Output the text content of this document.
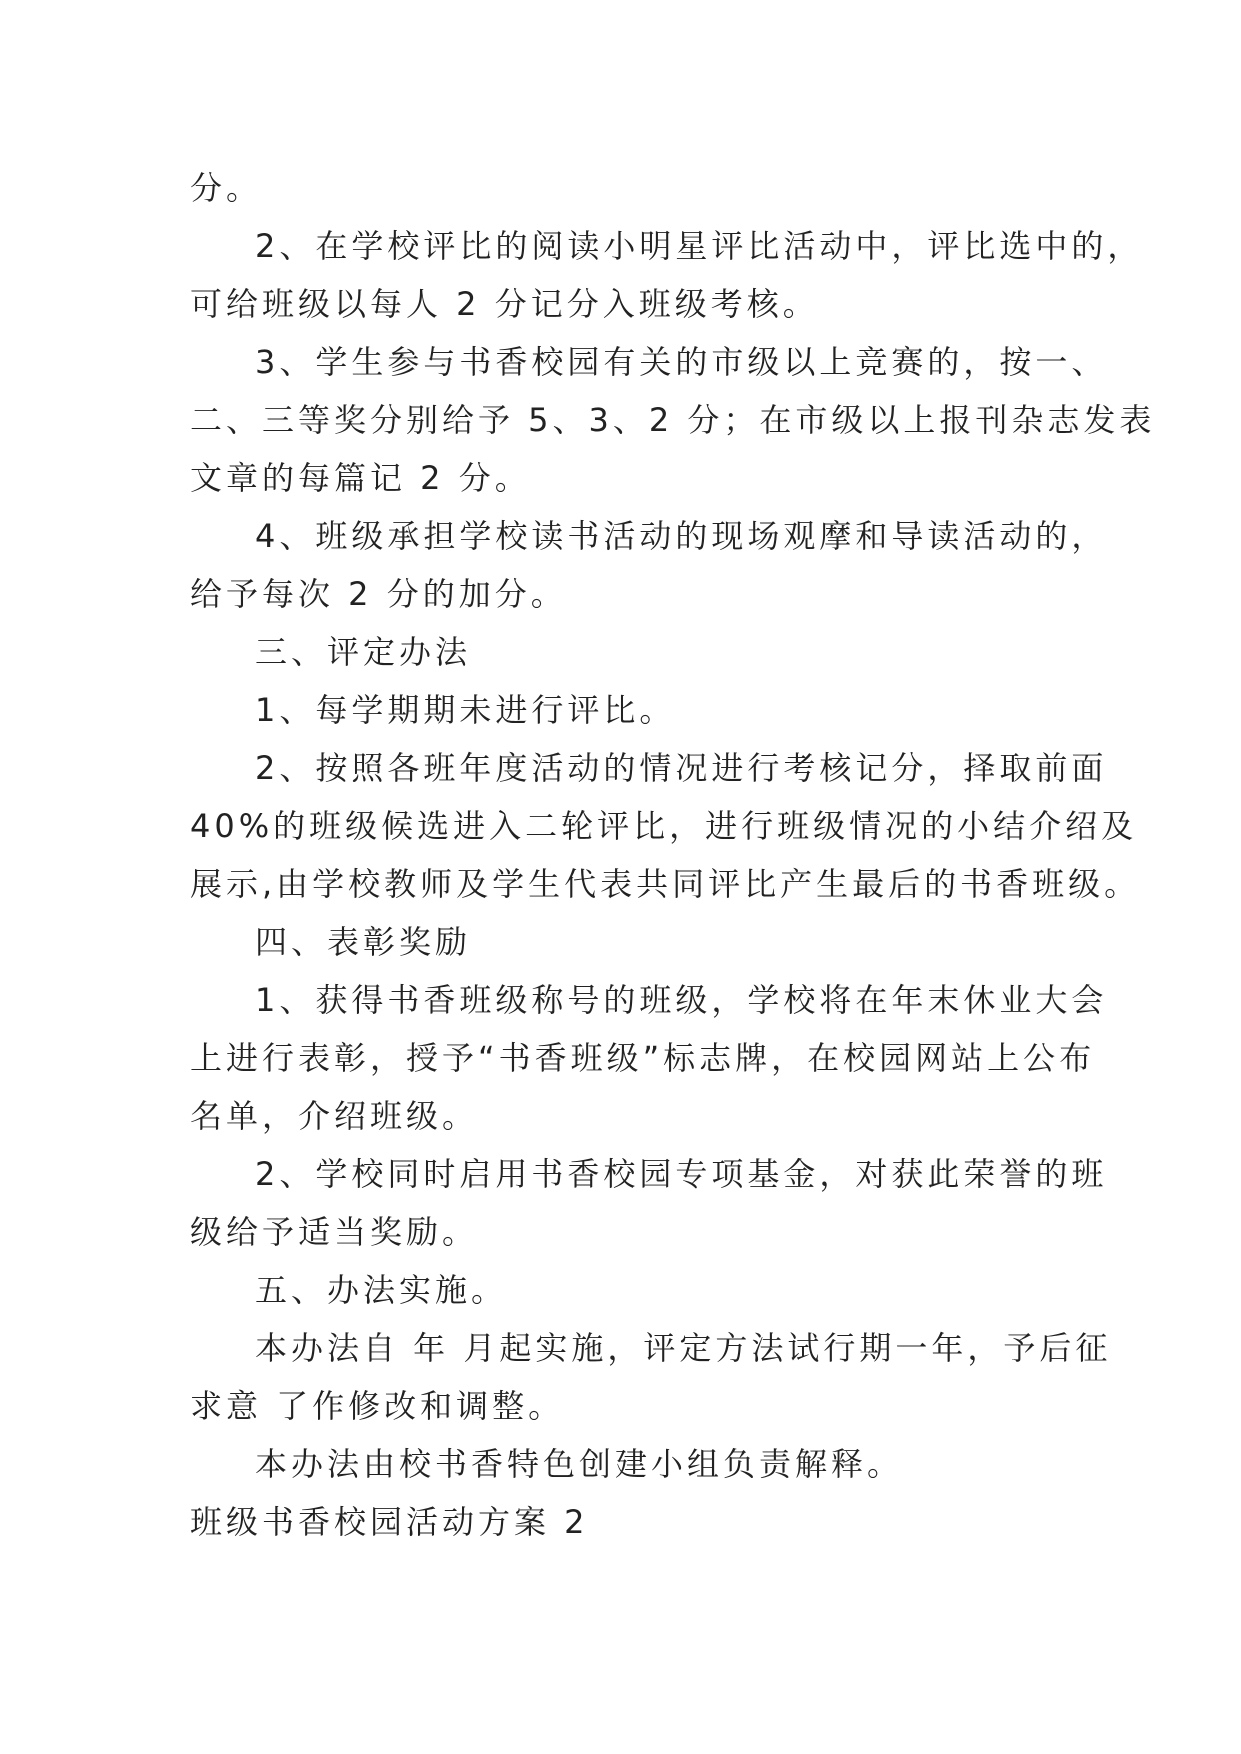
分。

2、在学校评比的阅读小明星评比活动中，评比选中的，

可给班级以每人 2 分记分入班级考核。

3、学生参与书香校园有关的市级以上竞赛的，按一、

二、三等奖分别给予 5、3、2 分；在市级以上报刊杂志发表

文章的每篇记 2 分。

4、班级承担学校读书活动的现场观摩和导读活动的，

给予每次 2 分的加分。

三、评定办法

1、每学期期未进行评比。

2、按照各班年度活动的情况进行考核记分，择取前面

40%的班级候选进入二轮评比，进行班级情况的小结介绍及

展示,由学校教师及学生代表共同评比产生最后的书香班级。

四、表彰奖励

1、获得书香班级称号的班级，学校将在年末休业大会

上进行表彰，授予“书香班级”标志牌，在校园网站上公布

名单，介绍班级。

2、学校同时启用书香校园专项基金，对获此荣誉的班

级给予适当奖励。

五、办法实施。

本办法自 年 月起实施，评定方法试行期一年，予后征

求意 了作修改和调整。

本办法由校书香特色创建小组负责解释。

班级书香校园活动方案 2
